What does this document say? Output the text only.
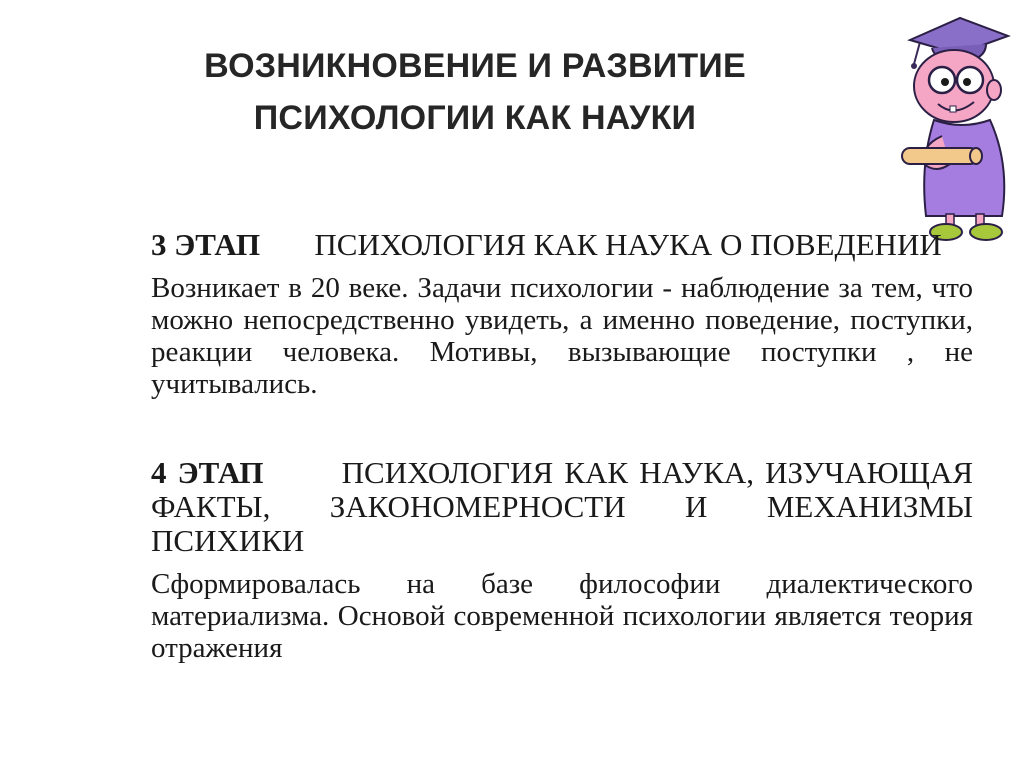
ВОЗНИКНОВЕНИЕ И РАЗВИТИЕ
ПСИХОЛОГИИ КАК НАУКИ

3 ЭТАП ПСИХОЛОГИЯ КАК НАУКА О ПОВЕДЕНИИ

Возникает в 20 веке. Задачи психологии - наблюдение за тем, что можно непосредственно увидеть, а именно поведение, поступки, реакции человека. Мотивы, вызывающие поступки , не учитывались.

4 ЭТАП	ПСИХОЛОГИЯ КАК НАУКА, ИЗУЧАЮЩАЯ ФАКТЫ, ЗАКОНОМЕРНОСТИ И МЕХАНИЗМЫ ПСИХИКИ

Сформировалась на базе философии диалектического материализма. Основой современной психологии является теория отражения
